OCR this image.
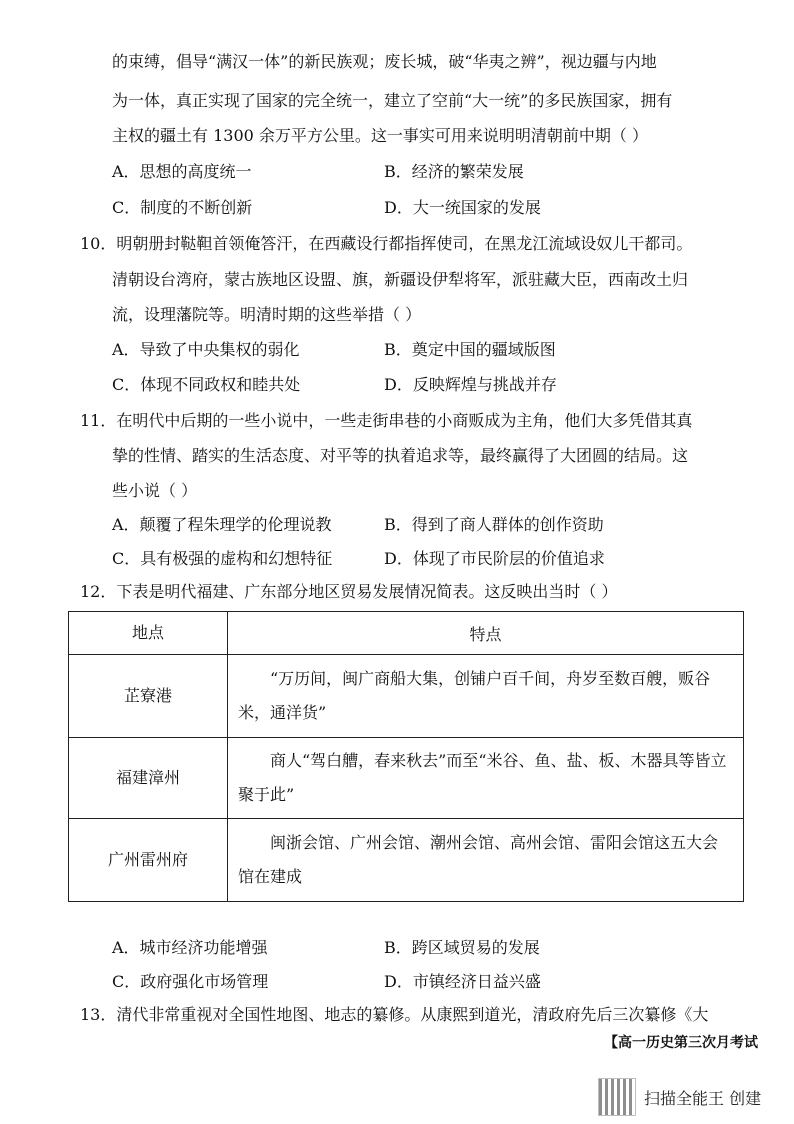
的束缚，倡导“满汉一体”的新民族观；废长城，破“华夷之辨”，视边疆与内地
为一体，真正实现了国家的完全统一，建立了空前“大一统”的多民族国家，拥有
主权的疆土有 1300 余万平方公里。这一事实可用来说明明清朝前中期（ ）
A．思想的高度统一	B．经济的繁荣发展
C．制度的不断创新	D．大一统国家的发展
10．明朝册封鞑靼首领俺答汗，在西藏设行都指挥使司，在黑龙江流域设奴儿干都司。
清朝设台湾府，蒙古族地区设盟、旗，新疆设伊犁将军，派驻藏大臣，西南改土归
流，设理藩院等。明清时期的这些举措（ ）
A．导致了中央集权的弱化	B．奠定中国的疆域版图
C．体现不同政权和睦共处	D．反映辉煌与挑战并存
11．在明代中后期的一些小说中，一些走街串巷的小商贩成为主角，他们大多凭借其真
挚的性情、踏实的生活态度、对平等的执着追求等，最终赢得了大团圆的结局。这
些小说（ ）
A．颠覆了程朱理学的伦理说教	B．得到了商人群体的创作资助
C．具有极强的虚构和幻想特征	D．体现了市民阶层的价值追求
12．下表是明代福建、广东部分地区贸易发展情况简表。这反映出当时（ ）
地点	特点
芷寮港	“万历间，闽广商船大集，创铺户百千间，舟岁至数百艘，贩谷米，通洋货”
福建漳州	商人“驾白艚，春来秋去”而至“米谷、鱼、盐、板、木器具等皆立聚于此”
广州雷州府	闽浙会馆、广州会馆、潮州会馆、高州会馆、雷阳会馆这五大会馆在建成
A．城市经济功能增强	B．跨区域贸易的发展
C．政府强化市场管理	D．市镇经济日益兴盛
13．清代非常重视对全国性地图、地志的纂修。从康熙到道光，清政府先后三次纂修《大
【高一历史第三次月考试
扫描全能王 创建
